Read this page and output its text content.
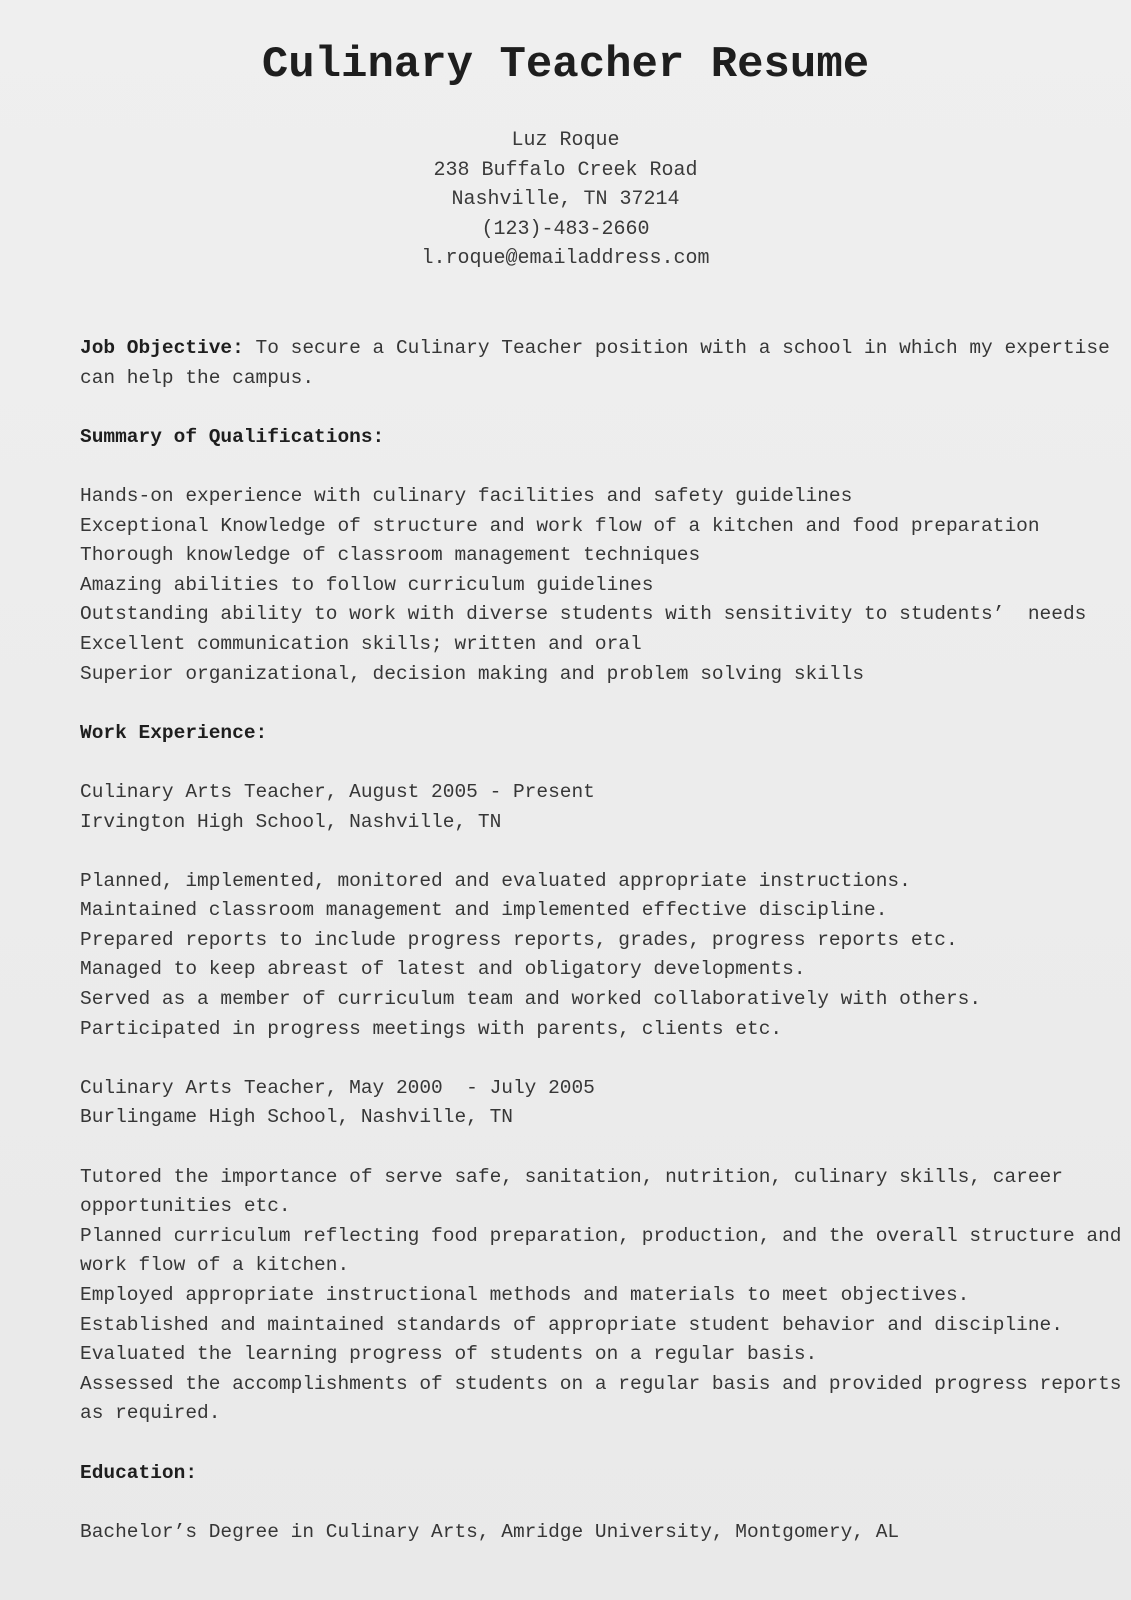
Culinary Teacher Resume
Luz Roque
238 Buffalo Creek Road
Nashville, TN 37214
(123)-483-2660
l.roque@emailaddress.com
Job Objective: To secure a Culinary Teacher position with a school in which my expertise
can help the campus.
Summary of Qualifications:
Hands-on experience with culinary facilities and safety guidelines
Exceptional Knowledge of structure and work flow of a kitchen and food preparation
Thorough knowledge of classroom management techniques
Amazing abilities to follow curriculum guidelines
Outstanding ability to work with diverse students with sensitivity to students’  needs
Excellent communication skills; written and oral
Superior organizational, decision making and problem solving skills
Work Experience:
Culinary Arts Teacher, August 2005 - Present
Irvington High School, Nashville, TN
Planned, implemented, monitored and evaluated appropriate instructions.
Maintained classroom management and implemented effective discipline.
Prepared reports to include progress reports, grades, progress reports etc.
Managed to keep abreast of latest and obligatory developments.
Served as a member of curriculum team and worked collaboratively with others.
Participated in progress meetings with parents, clients etc.
Culinary Arts Teacher, May 2000  - July 2005
Burlingame High School, Nashville, TN
Tutored the importance of serve safe, sanitation, nutrition, culinary skills, career
opportunities etc.
Planned curriculum reflecting food preparation, production, and the overall structure and
work flow of a kitchen.
Employed appropriate instructional methods and materials to meet objectives.
Established and maintained standards of appropriate student behavior and discipline.
Evaluated the learning progress of students on a regular basis.
Assessed the accomplishments of students on a regular basis and provided progress reports
as required.
Education:
Bachelor’s Degree in Culinary Arts, Amridge University, Montgomery, AL
